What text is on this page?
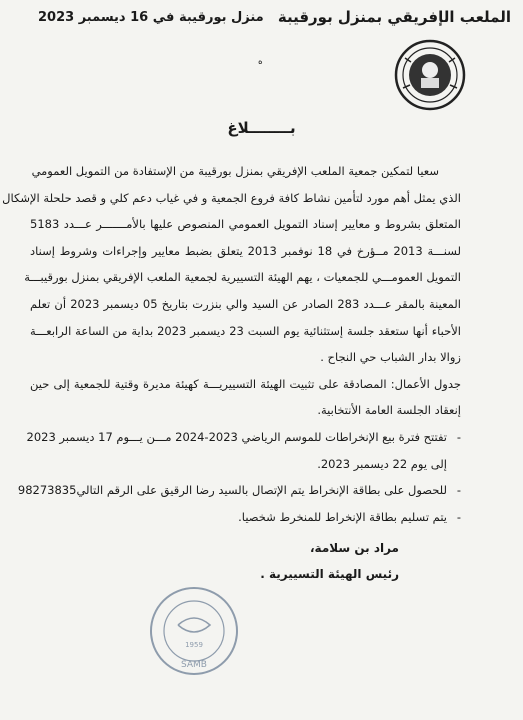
الملعب الإفريقي بمنزل بورقيبة
منزل بورقيبة في 16 ديسمبر 2023
ه
بــــــــلاغ
سعيا لتمكين جمعية الملعب الإفريقي بمنزل بورقيبة من الإستفادة من التمويل العمومي
الذي يمثل أهم مورد لتأمين نشاط كافة فروع الجمعية و في غياب دعم كلي و قصد حلحلة الإشكال
المتعلق بشروط و معايير إسناد التمويل العمومي المنصوص عليها بالأمـــــــر عـــدد 5183
لسنـــة 2013 مــؤرخ في 18 نوفمبر 2013 يتعلق بضبط معايير وإجراءات وشروط إسناد
التمويل العمومـــي للجمعيات ، يهم الهيئة التسييرية لجمعية الملعب الإفريقي بمنزل بورقيبـــة
المعينة بالمقر عـــدد 283 الصادر عن السيد والي بنزرت بتاريخ 05 ديسمبر 2023 أن تعلم
الأحباء أنها ستعقد جلسة إستثنائية يوم السبت 23 ديسمبر 2023 بداية من الساعة الرابعـــة
زوالا بدار الشباب حي النجاح .
جدول الأعمال: المصادقة على تثبيت الهيئة التسييريـــة كهيئة مديرة وقتية للجمعية إلى حين
إنعقاد الجلسة العامة الأنتخابية.
- تفتتح فترة بيع الإنخراطات للموسم الرياضي 2023-2024 مـــن يـــوم 17 ديسمبر 2023
إلى يوم 22 ديسمبر 2023.
- للحصول على بطاقة الإنخراط يتم الإتصال بالسيد رضا الرقيق على الرقم التالي98273835
- يتم تسليم بطاقة الإنخراط للمنخرط شخصيا.
مراد بن سلامة،
رئيس الهيئة التسييرية .
SAMB
1959
